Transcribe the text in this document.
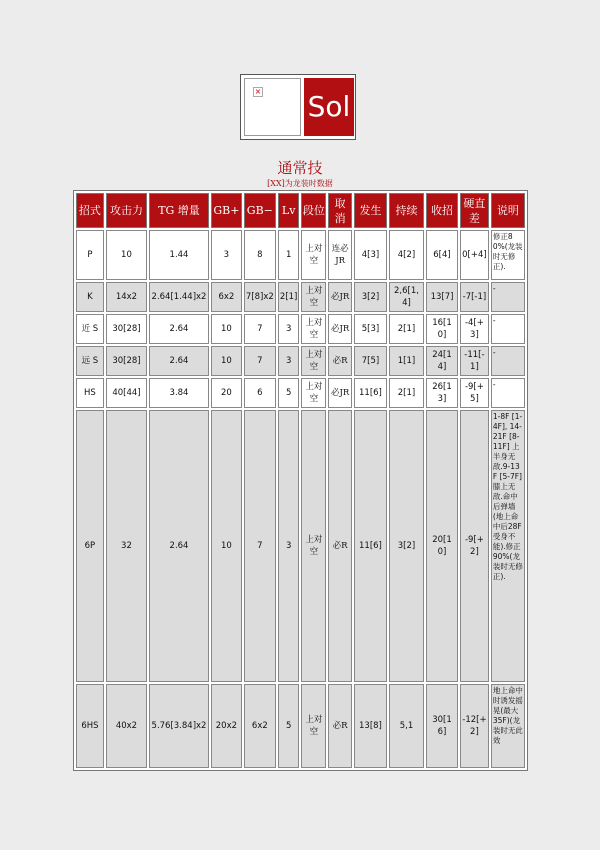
× Sol
通常技
[XX]为龙装时数据
招式	攻击力	TG 增量	GB+	GB−	Lv	段位	取消	发生	持续	收招	硬直差	说明
P	10	1.44	3	8	1	上对空	连必JR	4[3]	4[2]	6[4]	0[+4]	修正80%(龙装时无修正).
K	14x2	2.64[1.44]x2	6x2	7[8]x2	2[1]	上对空	必JR	3[2]	2,6[1,4]	13[7]	-7[-1]	-
近 S	30[28]	2.64	10	7	3	上对空	必JR	5[3]	2[1]	16[10]	-4[+3]	-
远 S	30[28]	2.64	10	7	3	上对空	必R	7[5]	1[1]	24[14]	-11[-1]	-
HS	40[44]	3.84	20	6	5	上对空	必JR	11[6]	2[1]	26[13]	-9[+5]	-
6P	32	2.64	10	7	3	上对空	必R	11[6]	3[2]	20[10]	-9[+2]	1-8F [1-4F], 14-21F [8-11F] 上半身无敌.9-13F [5-7F] 膝上无敌.命中后弹墙(地上命中后28F 受身不能).修正90%(龙装时无修正).
6HS	40x2	5.76[3.84]x2	20x2	6x2	5	上对空	必R	13[8]	5,1	30[16]	-12[+2]	地上命中时诱发摇晃(最大35F)(龙装时无此效
